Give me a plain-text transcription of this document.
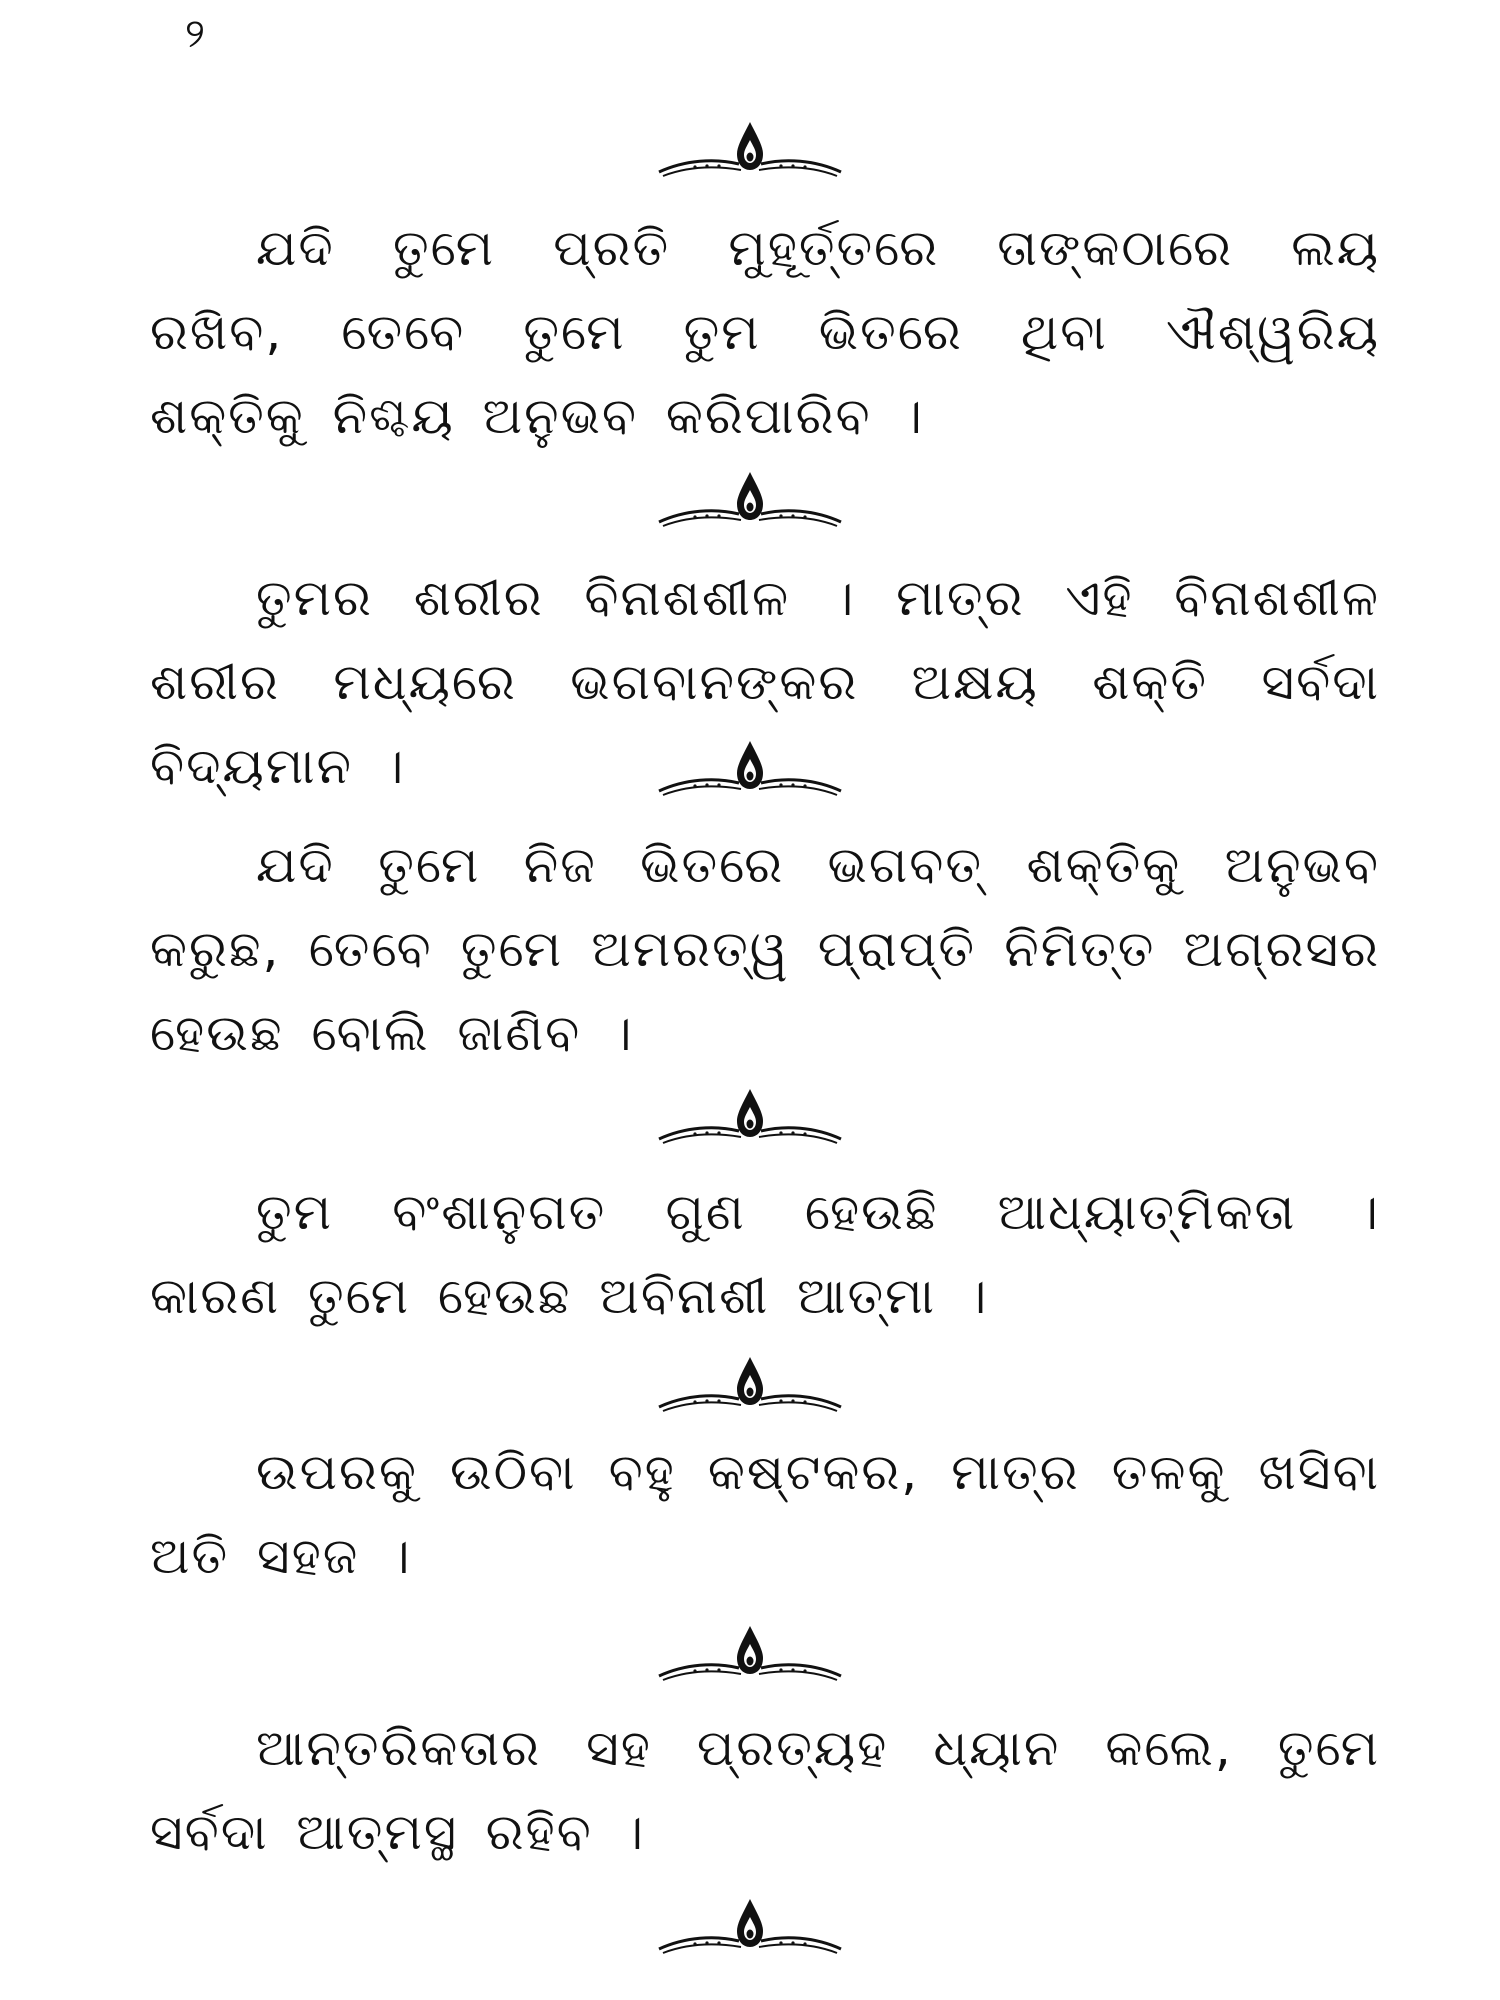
୨

ଯଦି ତୁମେ ପ୍ରତି ମୁହୂର୍ତ୍ତରେ ତାଙ୍କଠାରେ ଲୟ ରଖିବ, ତେବେ ତୁମେ ତୁମ ଭିତରେ ଥିବା ଐଶ୍ୱରିୟ ଶକ୍ତିକୁ ନିଶ୍ଚୟ ଅନୁଭବ କରିପାରିବ ।

ତୁମର ଶରୀର ବିନାଶଶୀଳ । ମାତ୍ର ଏହି ବିନାଶଶୀଳ ଶରୀର ମଧ୍ୟରେ ଭଗବାନଙ୍କର ଅକ୍ଷୟ ଶକ୍ତି ସର୍ବଦା ବିଦ୍ୟମାନ ।

ଯଦି ତୁମେ ନିଜ ଭିତରେ ଭଗବତ୍ ଶକ୍ତିକୁ ଅନୁଭବ କରୁଛ, ତେବେ ତୁମେ ଅମରତ୍ୱ ପ୍ରାପ୍ତି ନିମିତ୍ତ ଅଗ୍ରସର ହେଉଛ ବୋଲି ଜାଣିବ ।

ତୁମ ବଂଶାନୁଗତ ଗୁଣ ହେଉଛି ଆଧ୍ୟାତ୍ମିକତା । କାରଣ ତୁମେ ହେଉଛ ଅବିନାଶୀ ଆତ୍ମା ।

ଉପରକୁ ଉଠିବା ବହୁ କଷ୍ଟକର, ମାତ୍ର ତଳକୁ ଖସିବା ଅତି ସହଜ ।

ଆନ୍ତରିକତାର ସହ ପ୍ରତ୍ୟହ ଧ୍ୟାନ କଲେ, ତୁମେ ସର୍ବଦା ଆତ୍ମସ୍ଥ ରହିବ ।
